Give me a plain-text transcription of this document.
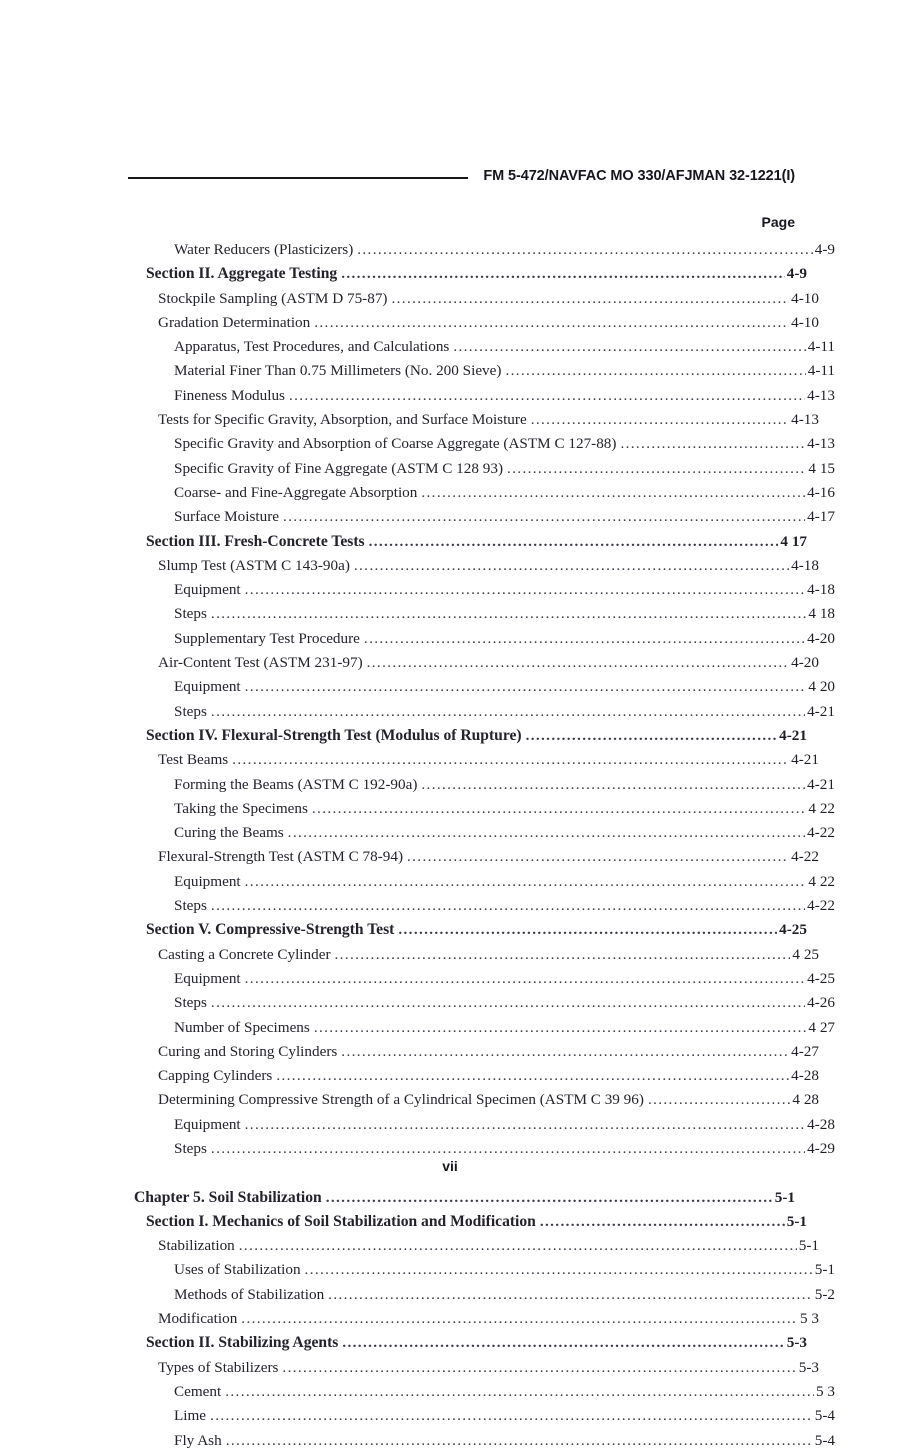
FM 5-472/NAVFAC MO 330/AFJMAN 32-1221(I)
Page
Water Reducers (Plasticizers) .....	4-9
Section II. Aggregate Testing .....	4-9
Stockpile Sampling (ASTM D 75-87) .....	4-10
Gradation Determination .....	4-10
Apparatus, Test Procedures, and Calculations .....	4-11
Material Finer Than 0.75 Millimeters (No. 200 Sieve) .....	4-11
Fineness Modulus .....	4-13
Tests for Specific Gravity, Absorption, and Surface Moisture .....	4-13
Specific Gravity and Absorption of Coarse Aggregate (ASTM C 127-88) .....	4-13
Specific Gravity of Fine Aggregate (ASTM C 128 93) .....	4 15
Coarse- and Fine-Aggregate Absorption .....	4-16
Surface Moisture .....	4-17
Section III. Fresh-Concrete Tests .....	4 17
Slump Test (ASTM C 143-90a) .....	4-18
Equipment .....	4-18
Steps .....	4 18
Supplementary Test Procedure .....	4-20
Air-Content Test (ASTM 231-97) .....	4-20
Equipment .....	4 20
Steps .....	4-21
Section IV. Flexural-Strength Test (Modulus of Rupture) .....	4-21
Test Beams .....	4-21
Forming the Beams (ASTM C 192-90a) .....	4-21
Taking the Specimens .....	4 22
Curing the Beams .....	4-22
Flexural-Strength Test (ASTM C 78-94) .....	4-22
Equipment .....	4 22
Steps .....	4-22
Section V. Compressive-Strength Test .....	4-25
Casting a Concrete Cylinder .....	4 25
Equipment .....	4-25
Steps .....	4-26
Number of Specimens .....	4 27
Curing and Storing Cylinders .....	4-27
Capping Cylinders .....	4-28
Determining Compressive Strength of a Cylindrical Specimen (ASTM C 39 96) .....	4 28
Equipment .....	4-28
Steps .....	4-29
Chapter 5. Soil Stabilization .....	5-1
Section I. Mechanics of Soil Stabilization and Modification .....	5-1
Stabilization .....	5-1
Uses of Stabilization .....	5-1
Methods of Stabilization .....	5-2
Modification .....	5 3
Section II. Stabilizing Agents .....	5-3
Types of Stabilizers .....	5-3
Cement .....	5 3
Lime .....	5-4
Fly Ash .....	5-4
vii
